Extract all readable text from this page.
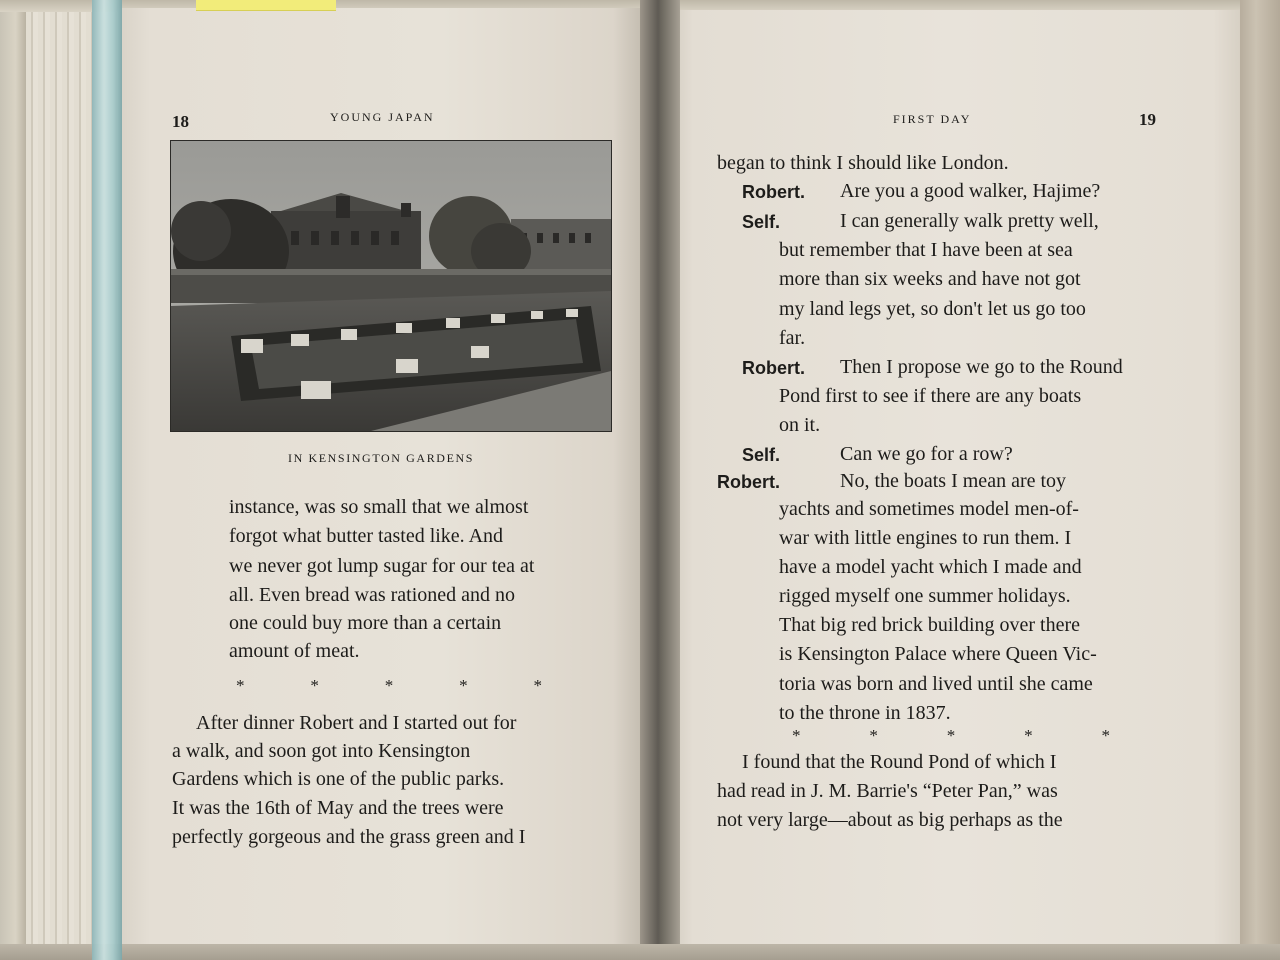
18	YOUNG JAPAN
IN KENSINGTON GARDENS
instance, was so small that we almost
forgot what butter tasted like. And
we never got lump sugar for our tea at
all. Even bread was rationed and no
one could buy more than a certain
amount of meat.
*	*	*	*	*
After dinner Robert and I started out for
a walk, and soon got into Kensington
Gardens which is one of the public parks.
It was the 16th of May and the trees were
perfectly gorgeous and the grass green and I
FIRST DAY	19
began to think I should like London.
Robert. Are you a good walker, Hajime?
Self.	I can generally walk pretty well,
but remember that I have been at sea
more than six weeks and have not got
my land legs yet, so don't let us go too
far.
Robert. Then I propose we go to the Round
Pond first to see if there are any boats
on it.
Self.	Can we go for a row?
Robert.	No, the boats I mean are toy
yachts and sometimes model men-of-
war with little engines to run them. I
have a model yacht which I made and
rigged myself one summer holidays.
That big red brick building over there
is Kensington Palace where Queen Vic-
toria was born and lived until she came
to the throne in 1837.
I found that the Round Pond of which I
had read in J. M. Barrie's “Peter Pan,” was
not very large—about as big perhaps as the
*	*	*	*	*
